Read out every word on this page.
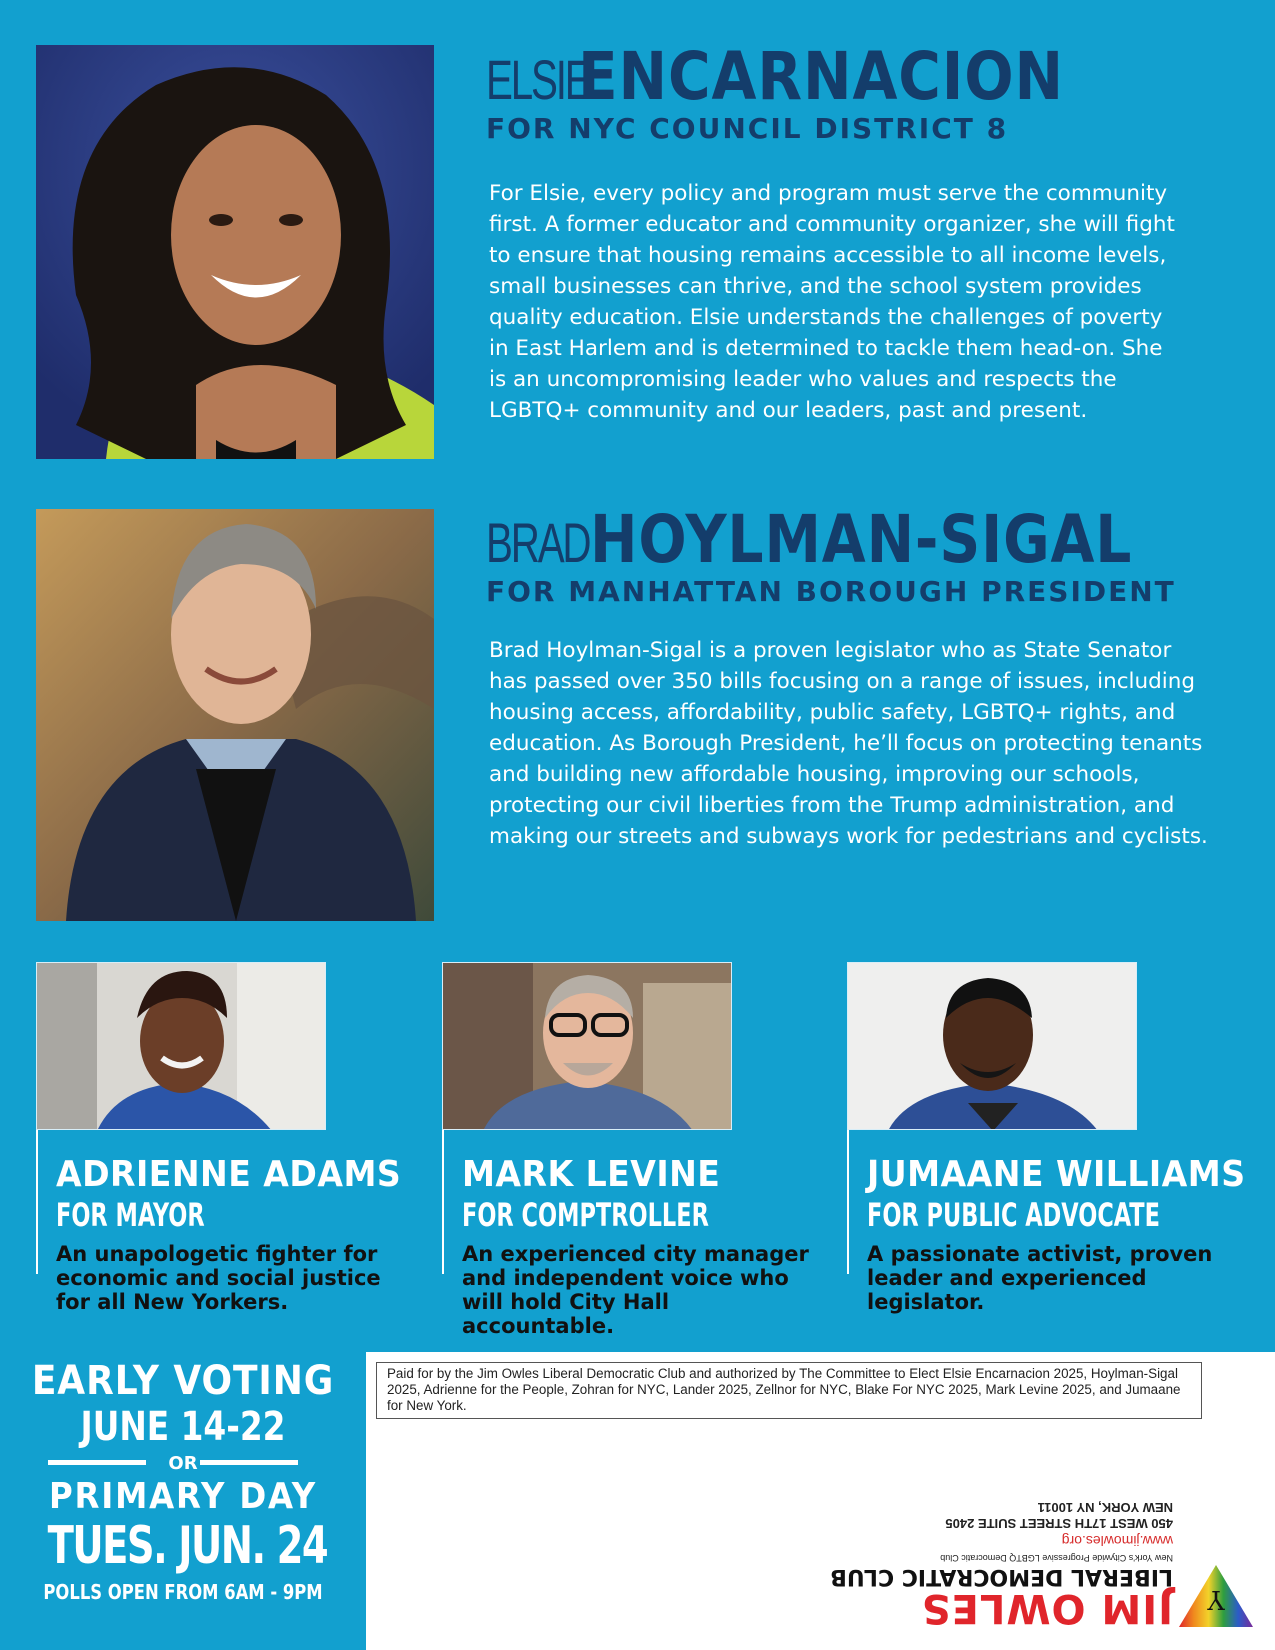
ELSIEENCARNACION
FOR NYC COUNCIL DISTRICT 8
For Elsie, every policy and program must serve the community first. A former educator and community organizer, she will fight to ensure that housing remains accessible to all income levels, small businesses can thrive, and the school system provides quality education. Elsie understands the challenges of poverty in East Harlem and is determined to tackle them head-on. She is an uncompromising leader who values and respects the LGBTQ+ community and our leaders, past and present.
BRADHOYLMAN-SIGAL
FOR MANHATTAN BOROUGH PRESIDENT
Brad Hoylman-Sigal is a proven legislator who as State Senator has passed over 350 bills focusing on a range of issues, including housing access, affordability, public safety, LGBTQ+ rights, and education. As Borough President, he’ll focus on protecting tenants and building new affordable housing, improving our schools, protecting our civil liberties from the Trump administration, and making our streets and subways work for pedestrians and cyclists.
ADRIENNE ADAMS
FOR MAYOR
An unapologetic fighter for economic and social justice for all New Yorkers.
MARK LEVINE
FOR COMPTROLLER
An experienced city manager and independent voice who will hold City Hall accountable.
JUMAANE WILLIAMS
FOR PUBLIC ADVOCATE
A passionate activist, proven leader and experienced legislator.
EARLY VOTING
JUNE 14-22
OR
PRIMARY DAY
TUES. JUN. 24
POLLS OPEN FROM 6AM - 9PM
Paid for by the Jim Owles Liberal Democratic Club and authorized by The Committee to Elect Elsie Encarnacion 2025, Hoylman-Sigal 2025, Adrienne for the People, Zohran for NYC, Lander 2025, Zellnor for NYC, Blake For NYC 2025, Mark Levine 2025, and Jumaane for New York.
Y
JIM OWLES
LIBERAL DEMOCRATIC CLUB
New York's Citywide Progressive LGBTQ Democratic Club
www.jimowles.org
450 WEST 17TH STREET SUITE 2405
NEW YORK, NY 10011
